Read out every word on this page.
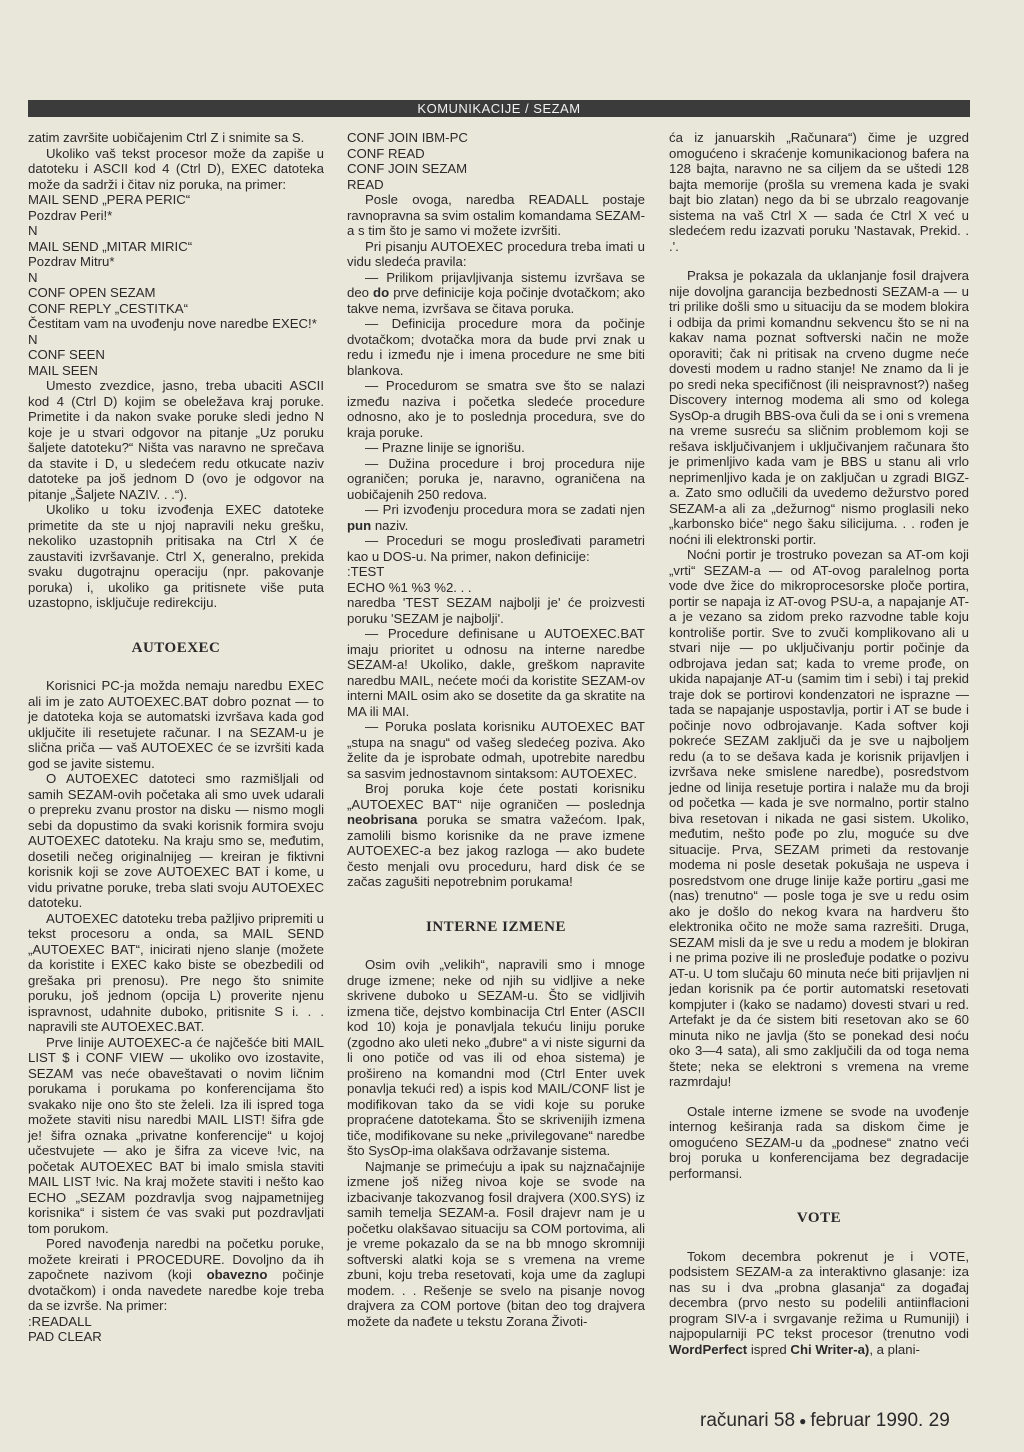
KOMUNIKACIJE / SEZAM

zatim završite uobičajenim Ctrl Z i snimite sa S.

Ukoliko vaš tekst procesor može da zapiše u datoteku i ASCII kod 4 (Ctrl D), EXEC datoteka može da sadrži i čitav niz poruka, na primer:

MAIL SEND „PERA PERIC“
Pozdrav Peri!*
N
MAIL SEND „MITAR MIRIC“
Pozdrav Mitru*
N
CONF OPEN SEZAM
CONF REPLY „CESTITKA“

Čestitam vam na uvođenju nove naredbe EXEC!*

N
CONF SEEN
MAIL SEEN

Umesto zvezdice, jasno, treba ubaciti ASCII kod 4 (Ctrl D) kojim se obeležava kraj poruke. Primetite i da nakon svake poruke sledi jedno N koje je u stvari odgovor na pitanje „Uz poruku šaljete datoteku?“ Ništa vas naravno ne sprečava da stavite i D, u sledećem redu otkucate naziv datoteke pa još jednom D (ovo je odgovor na pitanje „Šaljete NAZIV. . .“).

Ukoliko u toku izvođenja EXEC datoteke primetite da ste u njoj napravili neku grešku, nekoliko uzastopnih pritisaka na Ctrl X će zaustaviti izvršavanje. Ctrl X, generalno, prekida svaku dugotrajnu operaciju (npr. pakovanje poruka) i, ukoliko ga pritisnete više puta uzastopno, isključuje redirekciju.

AUTOEXEC

Korisnici PC-ja možda nemaju naredbu EXEC ali im je zato AUTOEXEC.BAT dobro poznat — to je datoteka koja se automatski izvršava kada god uključite ili resetujete računar. I na SEZAM-u je slična priča — vaš AUTOEXEC će se izvršiti kada god se javite sistemu.

O AUTOEXEC datoteci smo razmišljali od samih SEZAM-ovih početaka ali smo uvek udarali o prepreku zvanu prostor na disku — nismo mogli sebi da dopustimo da svaki korisnik formira svoju AUTOEXEC datoteku. Na kraju smo se, međutim, dosetili nečeg originalnijeg — kreiran je fiktivni korisnik koji se zove AUTOEXEC BAT i kome, u vidu privatne poruke, treba slati svoju AUTOEXEC datoteku.

AUTOEXEC datoteku treba pažljivo pripremiti u tekst procesoru a onda, sa MAIL SEND „AUTOEXEC BAT“, inicirati njeno slanje (možete da koristite i EXEC kako biste se obezbedili od grešaka pri prenosu). Pre nego što snimite poruku, još jednom (opcija L) proverite njenu ispravnost, udahnite duboko, pritisnite S i. . . napravili ste AUTOEXEC.BAT.

Prve linije AUTOEXEC-a će najčešće biti MAIL LIST $ i CONF VIEW — ukoliko ovo izostavite, SEZAM vas neće obaveštavati o novim ličnim porukama i porukama po konferencijama što svakako nije ono što ste želeli. Iza ili ispred toga možete staviti nisu naredbi MAIL LIST! šifra gde je! šifra oznaka „privatne konferencije“ u kojoj učestvujete — ako je šifra za viceve !vic, na početak AUTOEXEC BAT bi imalo smisla staviti MAIL LIST !vic. Na kraj možete staviti i nešto kao ECHO „SEZAM pozdravlja svog najpametnijeg korisnika“ i sistem će vas svaki put pozdravljati tom porukom.

Pored navođenja naredbi na početku poruke, možete kreirati i PROCEDURE. Dovoljno da ih započnete nazivom (koji obavezno počinje dvotačkom) i onda navedete naredbe koje treba da se izvrše. Na primer:

:READALL
PAD CLEAR
CONF JOIN IBM-PC
CONF READ
CONF JOIN SEZAM
READ

Posle ovoga, naredba READALL postaje ravnopravna sa svim ostalim komandama SEZAM-a s tim što je samo vi možete izvršiti.

Pri pisanju AUTOEXEC procedura treba imati u vidu sledeća pravila:

— Prilikom prijavljivanja sistemu izvršava se deo do prve definicije koja počinje dvotačkom; ako takve nema, izvršava se čitava poruka.

— Definicija procedure mora da počinje dvotačkom; dvotačka mora da bude prvi znak u redu i između nje i imena procedure ne sme biti blankova.

— Procedurom se smatra sve što se nalazi između naziva i početka sledeće procedure odnosno, ako je to poslednja procedura, sve do kraja poruke.

— Prazne linije se ignorišu.

— Dužina procedure i broj procedura nije ograničen; poruka je, naravno, ograničena na uobičajenih 250 redova.

— Pri izvođenju procedura mora se zadati njen pun naziv.

— Proceduri se mogu prosleđivati parametri kao u DOS-u. Na primer, nakon definicije:

:TEST
ECHO %1 %3 %2. . .

naredba 'TEST SEZAM najbolji je' će proizvesti poruku 'SEZAM je najbolji'.

— Procedure definisane u AUTOEXEC.BAT imaju prioritet u odnosu na interne naredbe SEZAM-a! Ukoliko, dakle, greškom napravite naredbu MAIL, nećete moći da koristite SEZAM-ov interni MAIL osim ako se dosetite da ga skratite na MA ili MAI.

— Poruka poslata korisniku AUTOEXEC BAT „stupa na snagu“ od vašeg sledećeg poziva. Ako želite da je isprobate odmah, upotrebite naredbu sa sasvim jednostavnom sintaksom: AUTOEXEC.

Broj poruka koje ćete postati korisniku „AUTOEXEC BAT“ nije ograničen — poslednja neobrisana poruka se smatra važećom. Ipak, zamolili bismo korisnike da ne prave izmene AUTOEXEC-a bez jakog razloga — ako budete često menjali ovu proceduru, hard disk će se začas zagušiti nepotrebnim porukama!

INTERNE IZMENE

Osim ovih „velikih“, napravili smo i mnoge druge izmene; neke od njih su vidljive a neke skrivene duboko u SEZAM-u. Što se vidljivih izmena tiče, dejstvo kombinacija Ctrl Enter (ASCII kod 10) koja je ponavljala tekuću liniju poruke (zgodno ako uleti neko „đubre“ a vi niste sigurni da li ono potiče od vas ili od ehoa sistema) je prošireno na komandni mod (Ctrl Enter uvek ponavlja tekući red) a ispis kod MAIL/CONF list je modifikovan tako da se vidi koje su poruke propraćene datotekama. Što se skrivenijih izmena tiče, modifikovane su neke „privilegovane“ naredbe što SysOp-ima olakšava održavanje sistema.

Najmanje se primećuju a ipak su najznačajnije izmene još nižeg nivoa koje se svode na izbacivanje takozvanog fosil drajvera (X00.SYS) iz samih temelja SEZAM-a. Fosil drajevr nam je u početku olakšavao situaciju sa COM portovima, ali je vreme pokazalo da se na bb mnogo skromniji softverski alatki koja se s vremena na vreme zbuni, koju treba resetovati, koja ume da zaglupi modem. . . Rešenje se svelo na pisanje novog drajvera za COM portove (bitan deo tog drajvera možete da nađete u tekstu Zorana Životi-

ća iz januarskih „Računara“) čime je uzgred omogućeno i skraćenje komunikacionog bafera na 128 bajta, naravno ne sa ciljem da se uštedi 128 bajta memorije (prošla su vremena kada je svaki bajt bio zlatan) nego da bi se ubrzalo reagovanje sistema na vaš Ctrl X — sada će Ctrl X već u sledećem redu izazvati poruku 'Nastavak, Prekid. . .'.

Praksa je pokazala da uklanjanje fosil drajvera nije dovoljna garancija bezbednosti SEZAM-a — u tri prilike došli smo u situaciju da se modem blokira i odbija da primi komandnu sekvencu što se ni na kakav nama poznat softverski način ne može oporaviti; čak ni pritisak na crveno dugme neće dovesti modem u radno stanje! Ne znamo da li je po sredi neka specifičnost (ili neispravnost?) našeg Discovery internog modema ali smo od kolega SysOp-a drugih BBS-ova čuli da se i oni s vremena na vreme susreću sa sličnim problemom koji se rešava isključivanjem i uključivanjem računara što je primenljivo kada vam je BBS u stanu ali vrlo neprimenljivo kada je on zaključan u zgradi BIGZ-a. Zato smo odlučili da uvedemo dežurstvo pored SEZAM-a ali za „dežurnog“ nismo proglasili neko „karbonsko biće“ nego šaku silicijuma. . . rođen je noćni ili elektronski portir.

Noćni portir je trostruko povezan sa AT-om koji „vrti“ SEZAM-a — od AT-ovog paralelnog porta vode dve žice do mikroprocesorske ploče portira, portir se napaja iz AT-ovog PSU-a, a napajanje AT-a je vezano sa zidom preko razvodne table koju kontroliše portir. Sve to zvuči komplikovano ali u stvari nije — po uključivanju portir počinje da odbrojava jedan sat; kada to vreme prođe, on ukida napajanje AT-u (samim tim i sebi) i taj prekid traje dok se portirovi kondenzatori ne isprazne — tada se napajanje uspostavlja, portir i AT se bude i počinje novo odbrojavanje. Kada softver koji pokreće SEZAM zaključi da je sve u najboljem redu (a to se dešava kada je korisnik prijavljen i izvršava neke smislene naredbe), posredstvom jedne od linija resetuje portira i nalaže mu da broji od početka — kada je sve normalno, portir stalno biva resetovan i nikada ne gasi sistem. Ukoliko, međutim, nešto pođe po zlu, moguće su dve situacije. Prva, SEZAM primeti da restovanje modema ni posle desetak pokušaja ne uspeva i posredstvom one druge linije kaže portiru „gasi me (nas) trenutno“ — posle toga je sve u redu osim ako je došlo do nekog kvara na hardveru što elektronika očito ne može sama razrešiti. Druga, SEZAM misli da je sve u redu a modem je blokiran i ne prima pozive ili ne prosleđuje podatke o pozivu AT-u. U tom slučaju 60 minuta neće biti prijavljen ni jedan korisnik pa će portir automatski resetovati kompjuter i (kako se nadamo) dovesti stvari u red. Artefakt je da će sistem biti resetovan ako se 60 minuta niko ne javlja (što se ponekad desi noću oko 3—4 sata), ali smo zaključili da od toga nema štete; neka se elektroni s vremena na vreme razmrdaju!

Ostale interne izmene se svode na uvođenje internog keširanja rada sa diskom čime je omogućeno SEZAM-u da „podnese“ znatno veći broj poruka u konferencijama bez degradacije performansi.

VOTE

Tokom decembra pokrenut je i VOTE, podsistem SEZAM-a za interaktivno glasanje: iza nas su i dva „probna glasanja“ za događaj decembra (prvo nesto su podelili antiinflacioni program SIV-a i svrgavanje režima u Rumuniji) i najpopularniji PC tekst procesor (trenutno vodi WordPerfect ispred Chi Writer-a), a plani-

računari 58 ● februar 1990. 29
